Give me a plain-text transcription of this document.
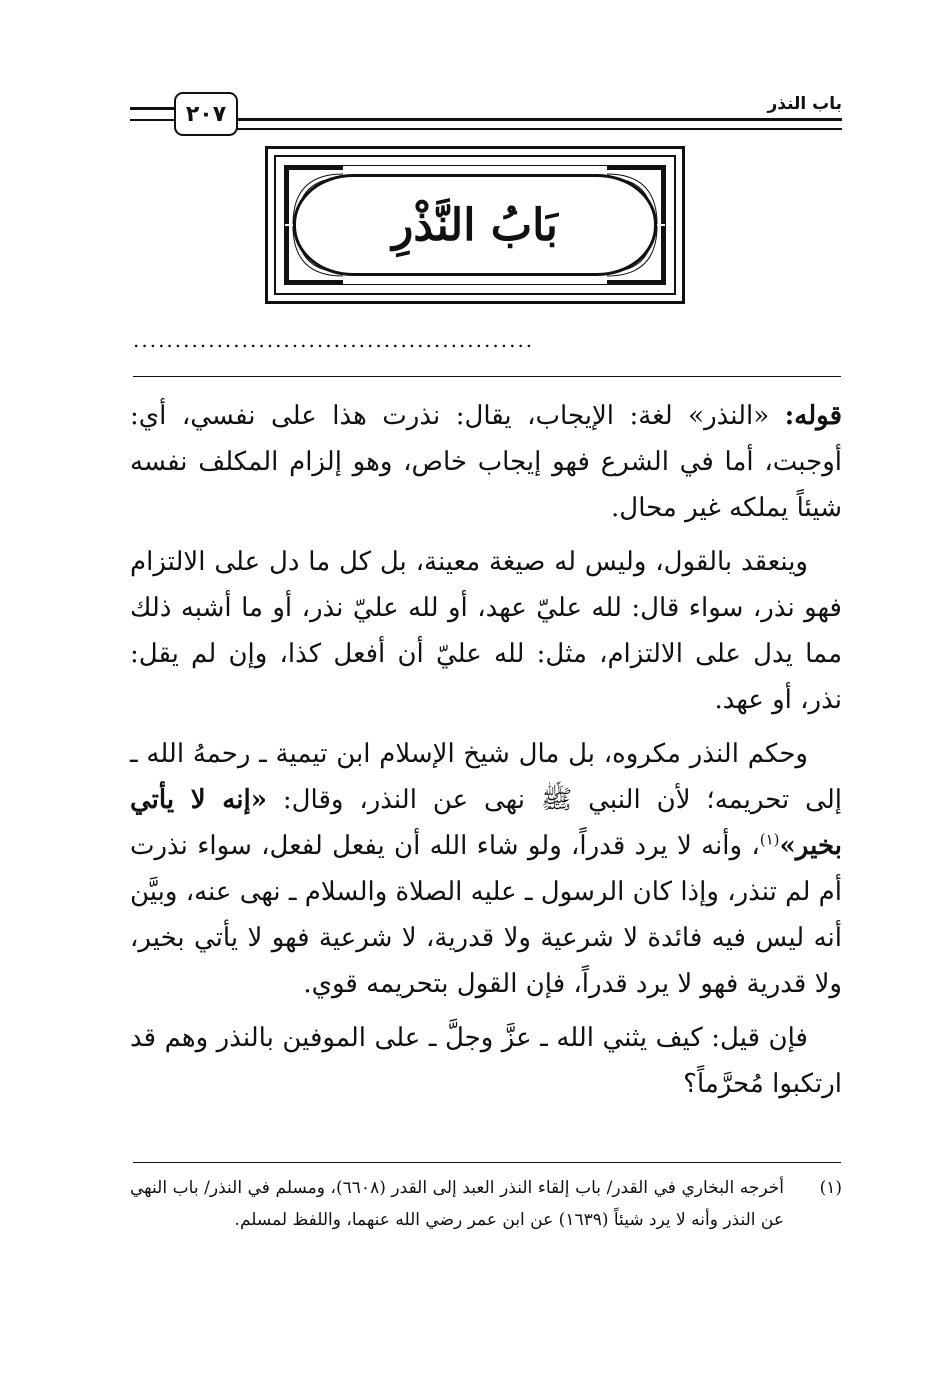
٢٠٧	باب النذر
بَابُ النَّذْرِ
................................................

قوله: «النذر» لغة: الإيجاب، يقال: نذرت هذا على نفسي، أي: أوجبت، أما في الشرع فهو إيجاب خاص، وهو إلزام المكلف نفسه شيئاً يملكه غير محال.

وينعقد بالقول، وليس له صيغة معينة، بل كل ما دل على الالتزام فهو نذر، سواء قال: لله عليّ عهد، أو لله عليّ نذر، أو ما أشبه ذلك مما يدل على الالتزام، مثل: لله عليّ أن أفعل كذا، وإن لم يقل: نذر، أو عهد.

وحكم النذر مكروه، بل مال شيخ الإسلام ابن تيمية ـ رحمهُ الله ـ إلى تحريمه؛ لأن النبي ﷺ نهى عن النذر، وقال: «إنه لا يأتي بخير»$^{(١)}$، وأنه لا يرد قدراً، ولو شاء الله أن يفعل لفعل، سواء نذرت أم لم تنذر، وإذا كان الرسول ـ عليه الصلاة والسلام ـ نهى عنه، وبيَّن أنه ليس فيه فائدة لا شرعية ولا قدرية، لا شرعية فهو لا يأتي بخير، ولا قدرية فهو لا يرد قدراً، فإن القول بتحريمه قوي.

فإن قيل: كيف يثني الله ـ عزَّ وجلَّ ـ على الموفين بالنذر وهم قد ارتكبوا مُحرَّماً؟

(١)
أخرجه البخاري في القدر/ باب إلقاء النذر العبد إلى القدر (٦٦٠٨)، ومسلم في النذر/ باب النهي عن النذر وأنه لا يرد شيئاً (١٦٣٩) عن ابن عمر رضي الله عنهما، واللفظ لمسلم.
